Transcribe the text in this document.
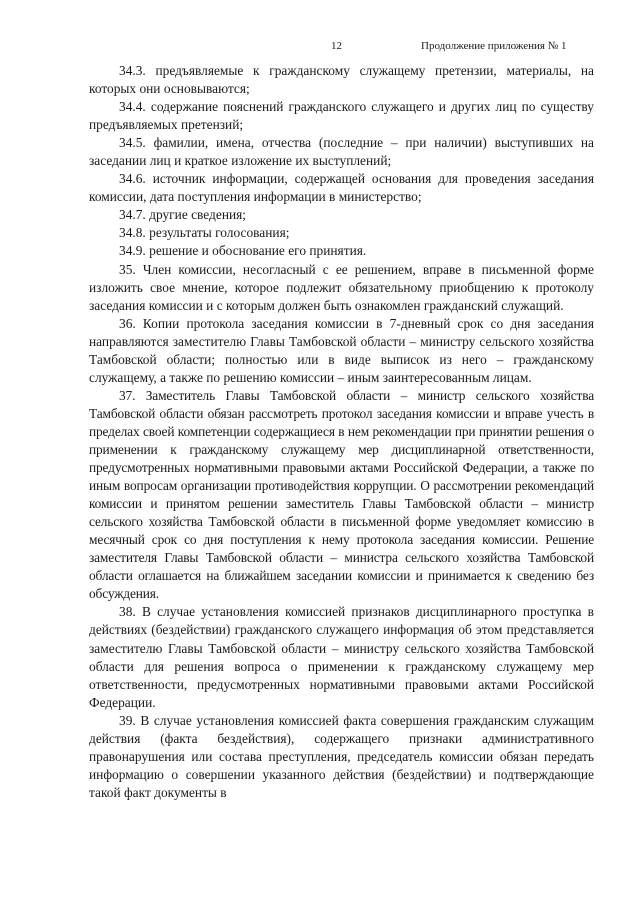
12	Продолжение приложения № 1

34.3. предъявляемые к гражданскому служащему претензии, материалы, на которых они основываются;

34.4. содержание пояснений гражданского служащего и других лиц по существу предъявляемых претензий;

34.5. фамилии, имена, отчества (последние – при наличии) выступивших на заседании лиц и краткое изложение их выступлений;

34.6. источник информации, содержащей основания для проведения заседания комиссии, дата поступления информации в министерство;

34.7. другие сведения;

34.8. результаты голосования;

34.9. решение и обоснование его принятия.

35. Член комиссии, несогласный с ее решением, вправе в письменной форме изложить свое мнение, которое подлежит обязательному приобщению к протоколу заседания комиссии и с которым должен быть ознакомлен гражданский служащий.

36. Копии протокола заседания комиссии в 7-дневный срок со дня заседания направляются заместителю Главы Тамбовской области – министру сельского хозяйства Тамбовской области; полностью или в виде выписок из него – гражданскому служащему, а также по решению комиссии – иным заинтересованным лицам.

37. Заместитель Главы Тамбовской области – министр сельского хозяйства Тамбовской области обязан рассмотреть протокол заседания комиссии и вправе учесть в пределах своей компетенции содержащиеся в нем рекомендации при принятии решения о применении к гражданскому служащему мер дисциплинарной ответственности, предусмотренных нормативными правовыми актами Российской Федерации, а также по иным вопросам организации противодействия коррупции. О рассмотрении рекомендаций комиссии и принятом решении заместитель Главы Тамбовской области – министр сельского хозяйства Тамбовской области в письменной форме уведомляет комиссию в месячный срок со дня поступления к нему протокола заседания комиссии. Решение заместителя Главы Тамбовской области – министра сельского хозяйства Тамбовской области оглашается на ближайшем заседании комиссии и принимается к сведению без обсуждения.

38. В случае установления комиссией признаков дисциплинарного проступка в действиях (бездействии) гражданского служащего информация об этом представляется заместителю Главы Тамбовской области – министру сельского хозяйства Тамбовской области для решения вопроса о применении к гражданскому служащему мер ответственности, предусмотренных нормативными правовыми актами Российской Федерации.

39. В случае установления комиссией факта совершения гражданским служащим действия (факта бездействия), содержащего признаки административного правонарушения или состава преступления, председатель комиссии обязан передать информацию о совершении указанного действия (бездействии) и подтверждающие такой факт документы в
